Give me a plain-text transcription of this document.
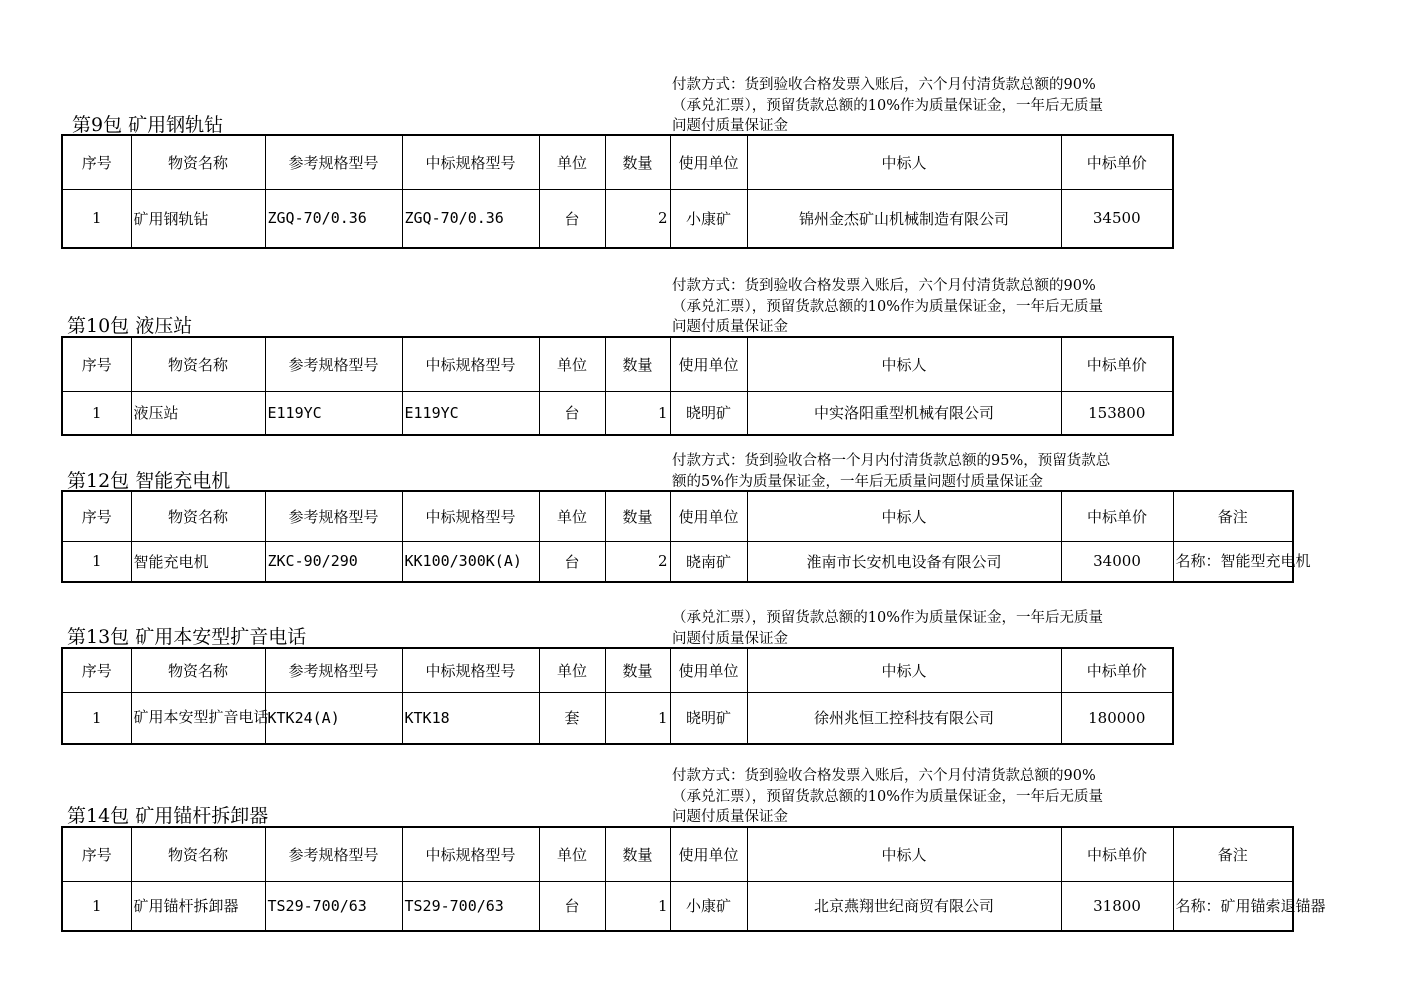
第9包 矿用钢轨钻
付款方式：货到验收合格发票入账后，六个月付清货款总额的90%
（承兑汇票），预留货款总额的10%作为质量保证金，一年后无质量
问题付质量保证金
序号	物资名称	参考规格型号	中标规格型号	单位	数量	使用单位	中标人	中标单价
1	矿用钢轨钻	ZGQ-70/0.36	ZGQ-70/0.36	台	2	小康矿	锦州金杰矿山机械制造有限公司	34500
第10包 液压站
付款方式：货到验收合格发票入账后，六个月付清货款总额的90%
（承兑汇票），预留货款总额的10%作为质量保证金，一年后无质量
问题付质量保证金
序号	物资名称	参考规格型号	中标规格型号	单位	数量	使用单位	中标人	中标单价
1	液压站	E119YC	E119YC	台	1	晓明矿	中实洛阳重型机械有限公司	153800
第12包 智能充电机
付款方式：货到验收合格一个月内付清货款总额的95%，预留货款总
额的5%作为质量保证金，一年后无质量问题付质量保证金
序号	物资名称	参考规格型号	中标规格型号	单位	数量	使用单位	中标人	中标单价	备注
1	智能充电机	ZKC-90/290	KK100/300K(A)	台	2	晓南矿	淮南市长安机电设备有限公司	34000	名称：智能型充电机
第13包 矿用本安型扩音电话
（承兑汇票），预留货款总额的10%作为质量保证金，一年后无质量
问题付质量保证金
序号	物资名称	参考规格型号	中标规格型号	单位	数量	使用单位	中标人	中标单价
1	矿用本安型扩音电话	KTK24(A)	KTK18	套	1	晓明矿	徐州兆恒工控科技有限公司	180000
第14包 矿用锚杆拆卸器
付款方式：货到验收合格发票入账后，六个月付清货款总额的90%
（承兑汇票），预留货款总额的10%作为质量保证金，一年后无质量
问题付质量保证金
序号	物资名称	参考规格型号	中标规格型号	单位	数量	使用单位	中标人	中标单价	备注
1	矿用锚杆拆卸器	TS29-700/63	TS29-700/63	台	1	小康矿	北京燕翔世纪商贸有限公司	31800	名称：矿用锚索退锚器
